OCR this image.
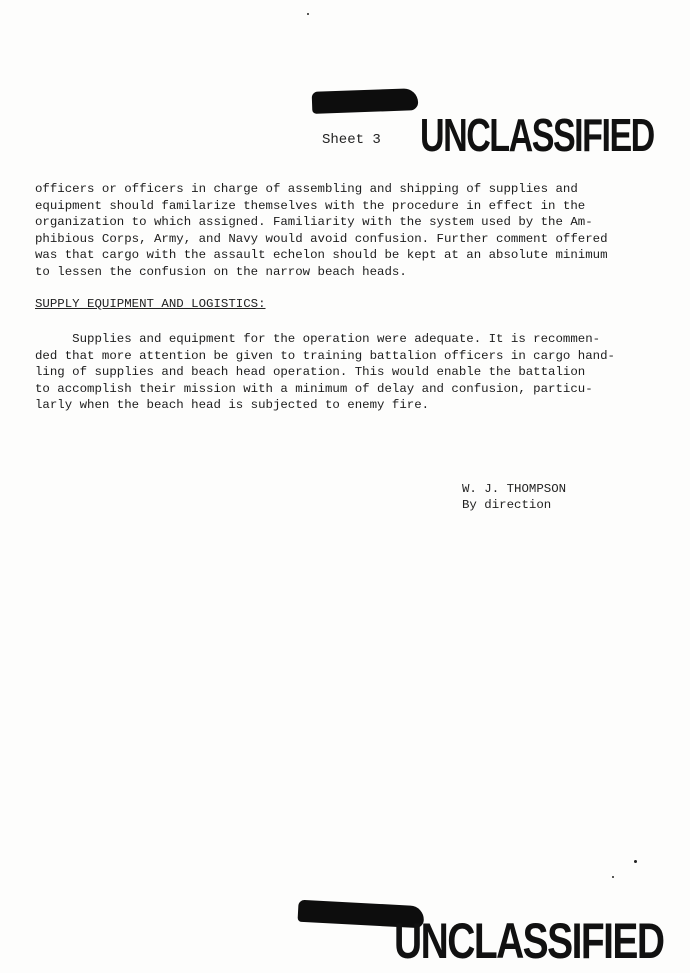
Sheet 3 UNCLASSIFIED
officers or officers in charge of assembling and shipping of supplies and
equipment should familarize themselves with the procedure in effect in the
organization to which assigned. Familiarity with the system used by the Am-
phibious Corps, Army, and Navy would avoid confusion. Further comment offered
was that cargo with the assault echelon should be kept at an absolute minimum
to lessen the confusion on the narrow beach heads.
SUPPLY EQUIPMENT AND LOGISTICS:
Supplies and equipment for the operation were adequate. It is recommen-
ded that more attention be given to training battalion officers in cargo hand-
ling of supplies and beach head operation. This would enable the battalion
to accomplish their mission with a minimum of delay and confusion, particu-
larly when the beach head is subjected to enemy fire.
W. J. THOMPSON
By direction
UNCLASSIFIED
